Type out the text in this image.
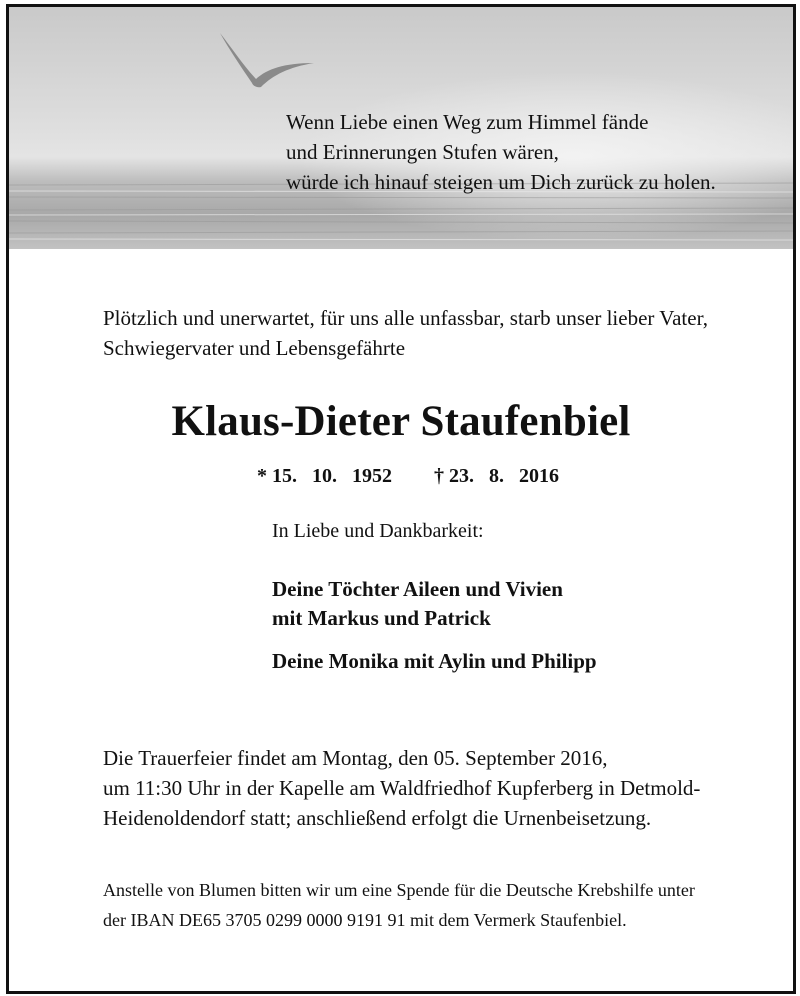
Wenn Liebe einen Weg zum Himmel fände
und Erinnerungen Stufen wären,
würde ich hinauf steigen um Dich zurück zu holen.
Plötzlich und unerwartet, für uns alle unfassbar, starb unser lieber Vater,
Schwiegervater und Lebensgefährte
Klaus-Dieter Staufenbiel
* 15.   10.   1952 † 23.   8.   2016
In Liebe und Dankbarkeit:
Deine Töchter Aileen und Vivien
mit Markus und Patrick
Deine Monika mit Aylin und Philipp
Die Trauerfeier findet am Montag, den 05. September 2016,
um 11:30 Uhr in der Kapelle am Waldfriedhof Kupferberg in Detmold-
Heidenoldendorf statt; anschließend erfolgt die Urnenbeisetzung.
Anstelle von Blumen bitten wir um eine Spende für die Deutsche Krebshilfe unter
der IBAN DE65 3705 0299 0000 9191 91 mit dem Vermerk Staufenbiel.
